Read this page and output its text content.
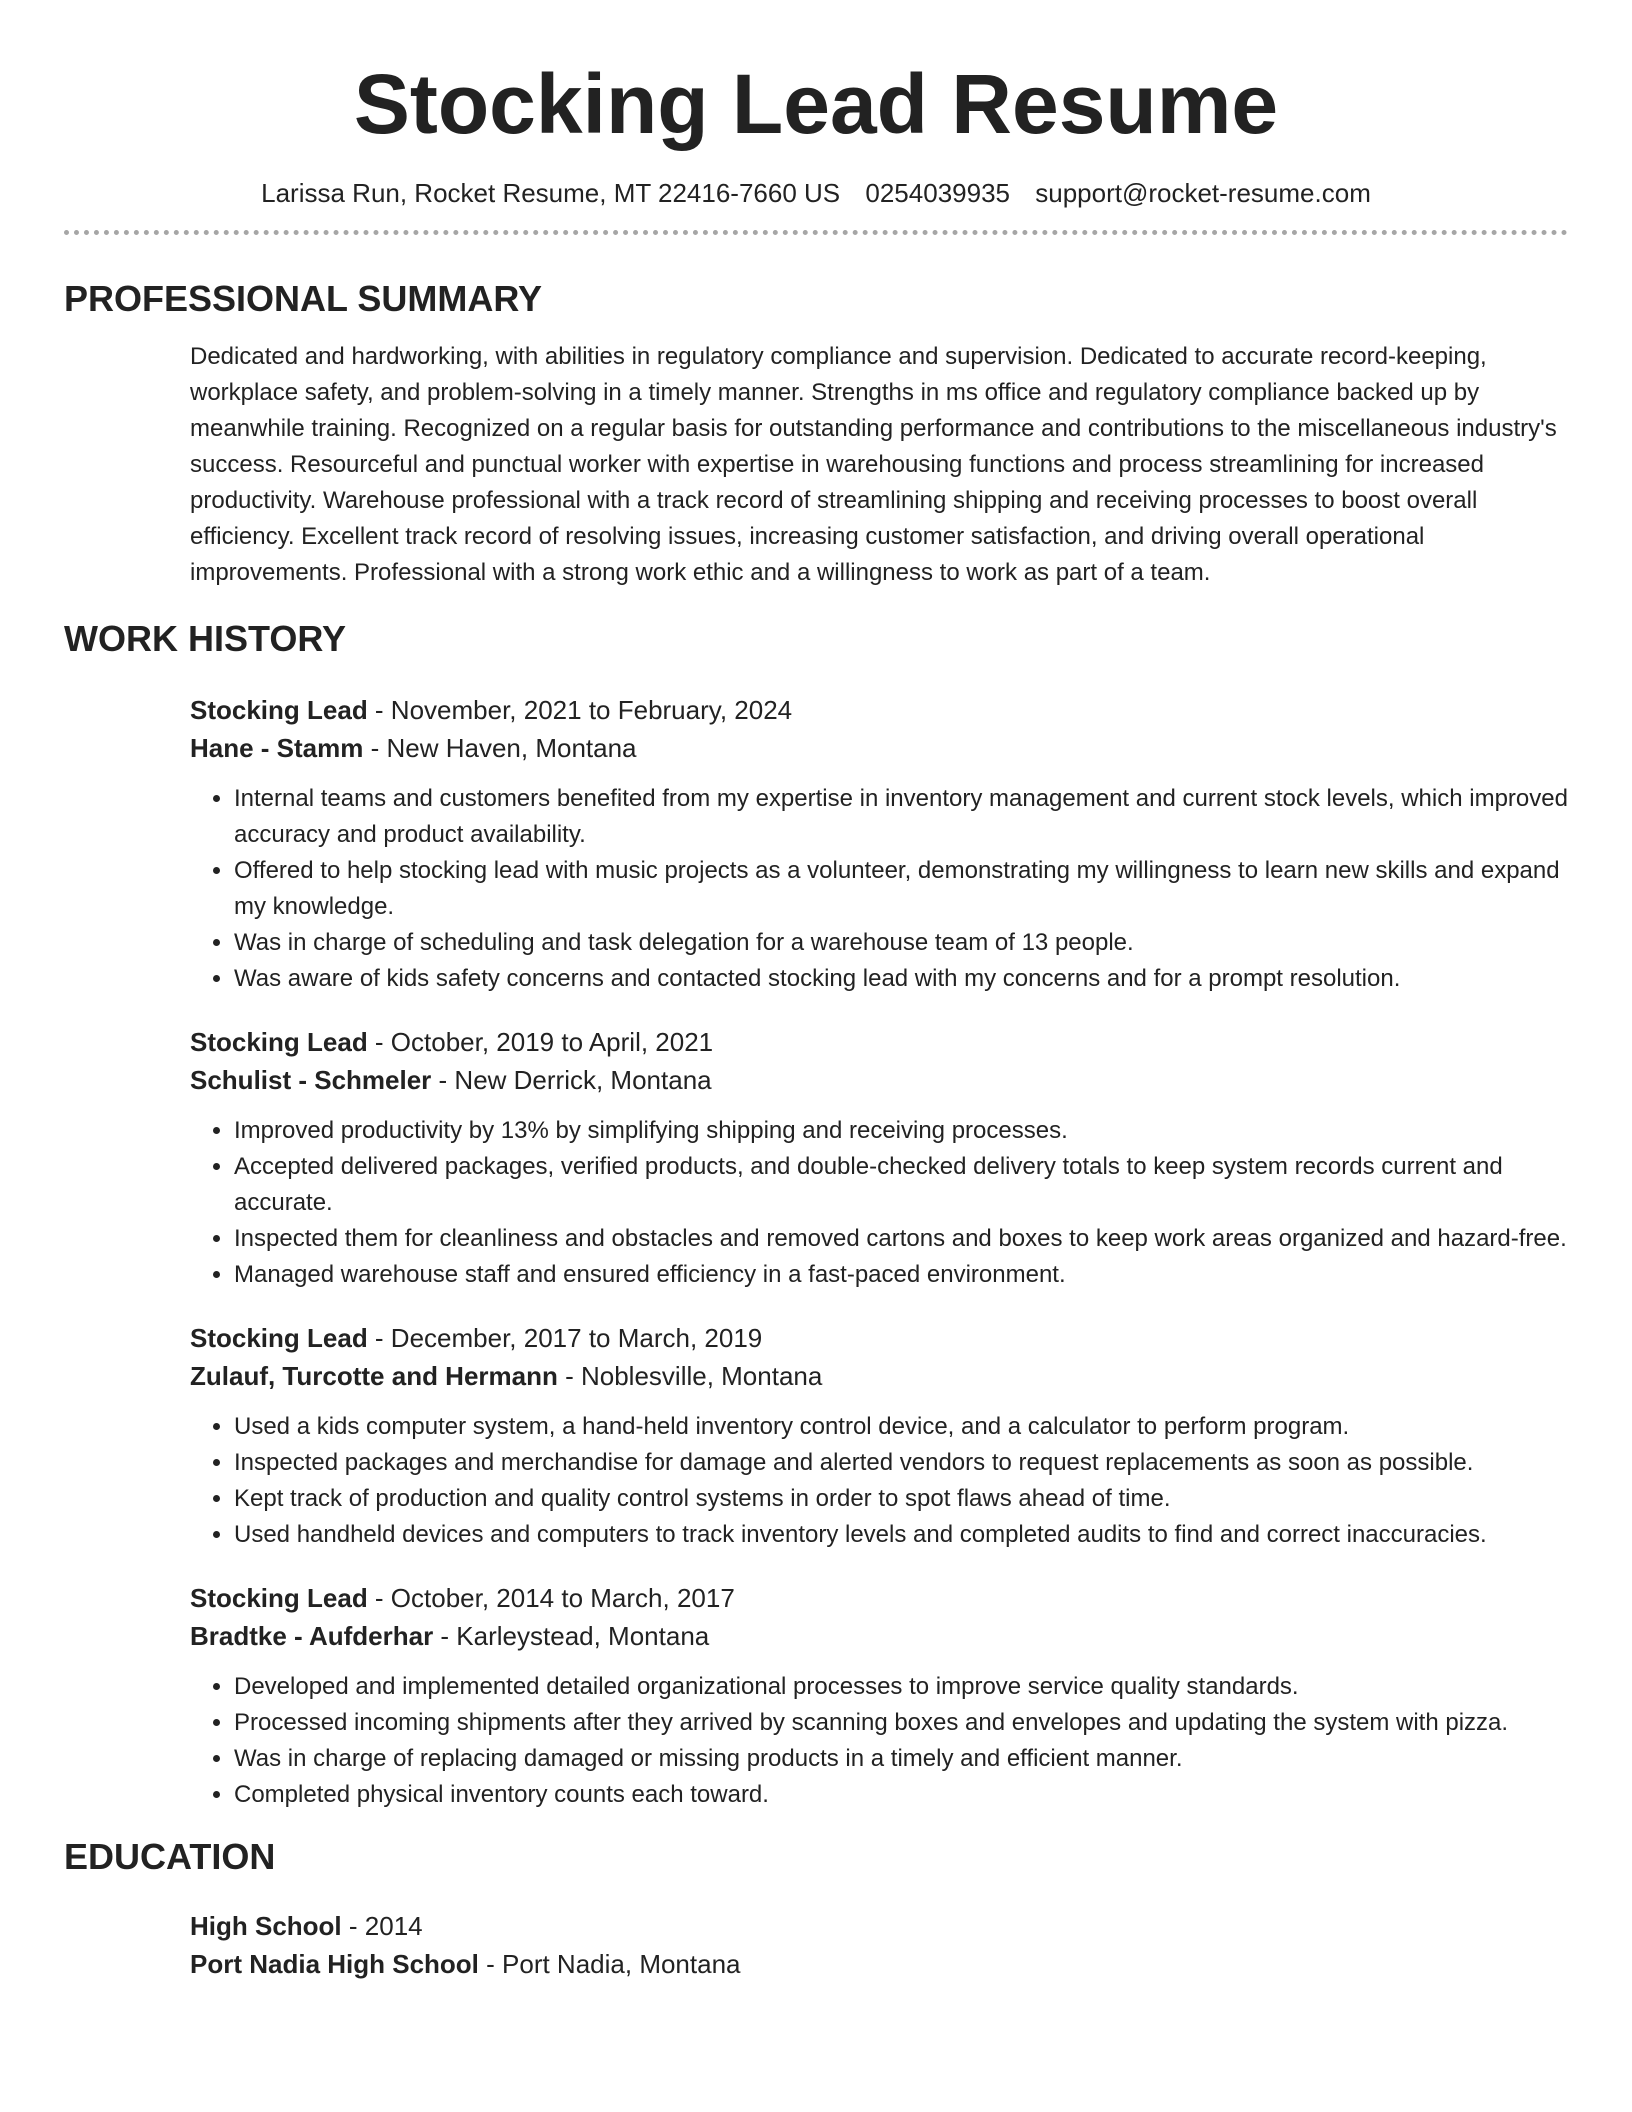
Stocking Lead Resume
Larissa Run, Rocket Resume, MT 22416-7660 US 0254039935 support@rocket-resume.com
PROFESSIONAL SUMMARY
Dedicated and hardworking, with abilities in regulatory compliance and supervision. Dedicated to accurate record-keeping, workplace safety, and problem-solving in a timely manner. Strengths in ms office and regulatory compliance backed up by meanwhile training. Recognized on a regular basis for outstanding performance and contributions to the miscellaneous industry's success. Resourceful and punctual worker with expertise in warehousing functions and process streamlining for increased productivity. Warehouse professional with a track record of streamlining shipping and receiving processes to boost overall efficiency. Excellent track record of resolving issues, increasing customer satisfaction, and driving overall operational improvements. Professional with a strong work ethic and a willingness to work as part of a team.
WORK HISTORY
Stocking Lead - November, 2021 to February, 2024
Hane - Stamm - New Haven, Montana
• Internal teams and customers benefited from my expertise in inventory management and current stock levels, which improved accuracy and product availability.
• Offered to help stocking lead with music projects as a volunteer, demonstrating my willingness to learn new skills and expand my knowledge.
• Was in charge of scheduling and task delegation for a warehouse team of 13 people.
• Was aware of kids safety concerns and contacted stocking lead with my concerns and for a prompt resolution.
Stocking Lead - October, 2019 to April, 2021
Schulist - Schmeler - New Derrick, Montana
• Improved productivity by 13% by simplifying shipping and receiving processes.
• Accepted delivered packages, verified products, and double-checked delivery totals to keep system records current and accurate.
• Inspected them for cleanliness and obstacles and removed cartons and boxes to keep work areas organized and hazard-free.
• Managed warehouse staff and ensured efficiency in a fast-paced environment.
Stocking Lead - December, 2017 to March, 2019
Zulauf, Turcotte and Hermann - Noblesville, Montana
• Used a kids computer system, a hand-held inventory control device, and a calculator to perform program.
• Inspected packages and merchandise for damage and alerted vendors to request replacements as soon as possible.
• Kept track of production and quality control systems in order to spot flaws ahead of time.
• Used handheld devices and computers to track inventory levels and completed audits to find and correct inaccuracies.
Stocking Lead - October, 2014 to March, 2017
Bradtke - Aufderhar - Karleystead, Montana
• Developed and implemented detailed organizational processes to improve service quality standards.
• Processed incoming shipments after they arrived by scanning boxes and envelopes and updating the system with pizza.
• Was in charge of replacing damaged or missing products in a timely and efficient manner.
• Completed physical inventory counts each toward.
EDUCATION
High School - 2014
Port Nadia High School - Port Nadia, Montana
